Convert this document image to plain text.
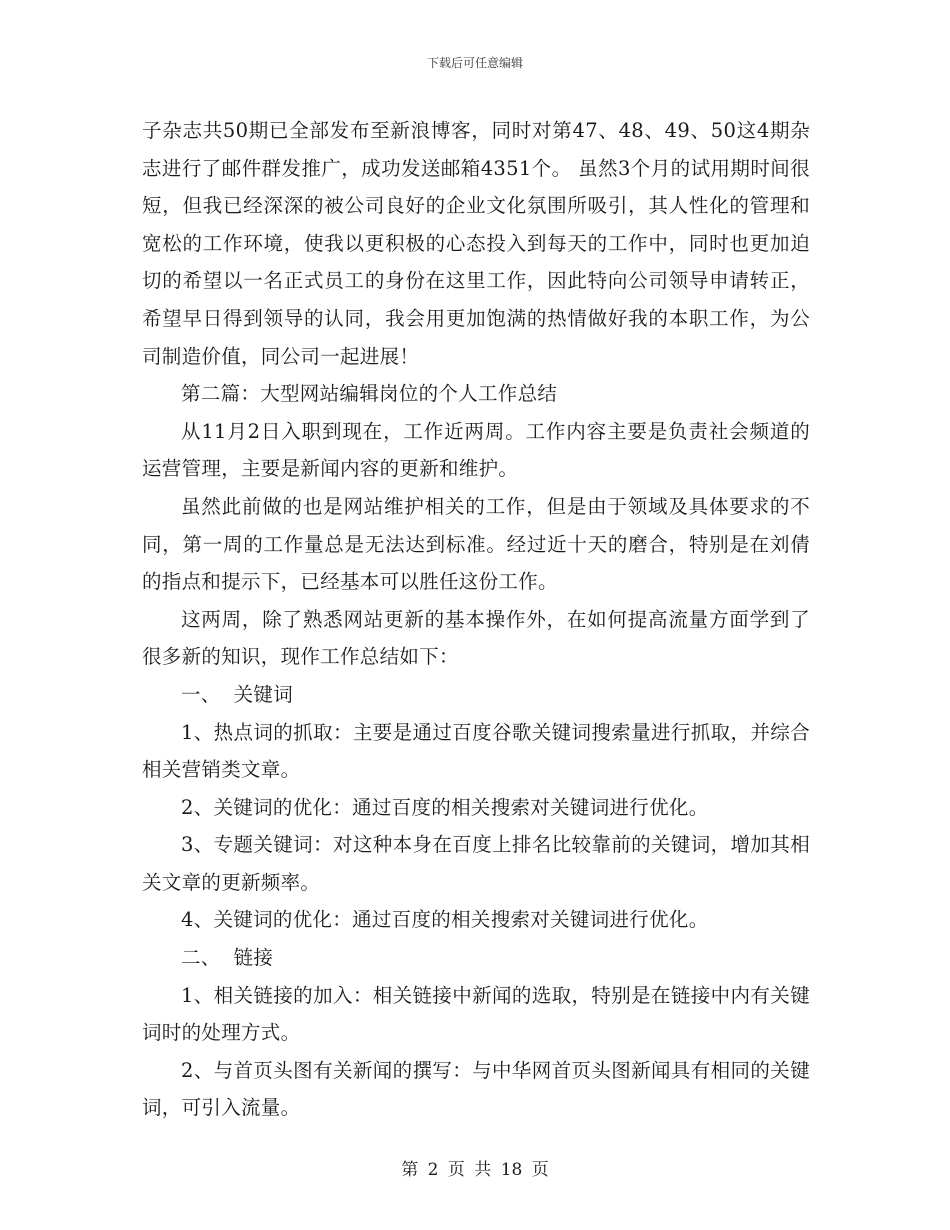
下载后可任意编辑

子杂志共50期已全部发布至新浪博客，同时对第47、48、49、50这4期杂志进行了邮件群发推广，成功发送邮箱4351个。 虽然3个月的试用期时间很短，但我已经深深的被公司良好的企业文化氛围所吸引，其人性化的管理和宽松的工作环境，使我以更积极的心态投入到每天的工作中，同时也更加迫切的希望以一名正式员工的身份在这里工作，因此特向公司领导申请转正，希望早日得到领导的认同，我会用更加饱满的热情做好我的本职工作，为公司制造价值，同公司一起进展！

第二篇：大型网站编辑岗位的个人工作总结

从11月2日入职到现在，工作近两周。工作内容主要是负责社会频道的运营管理，主要是新闻内容的更新和维护。

虽然此前做的也是网站维护相关的工作，但是由于领域及具体要求的不同，第一周的工作量总是无法达到标准。经过近十天的磨合，特别是在刘倩的指点和提示下，已经基本可以胜任这份工作。

这两周，除了熟悉网站更新的基本操作外，在如何提高流量方面学到了很多新的知识，现作工作总结如下：

一、  关键词

1、热点词的抓取：主要是通过百度谷歌关键词搜索量进行抓取，并综合相关营销类文章。

2、关键词的优化：通过百度的相关搜索对关键词进行优化。

3、专题关键词：对这种本身在百度上排名比较靠前的关键词，增加其相关文章的更新频率。

4、关键词的优化：通过百度的相关搜索对关键词进行优化。

二、  链接

1、相关链接的加入：相关链接中新闻的选取，特别是在链接中内有关键词时的处理方式。

2、与首页头图有关新闻的撰写：与中华网首页头图新闻具有相同的关键词，可引入流量。

第 2 页 共 18 页
